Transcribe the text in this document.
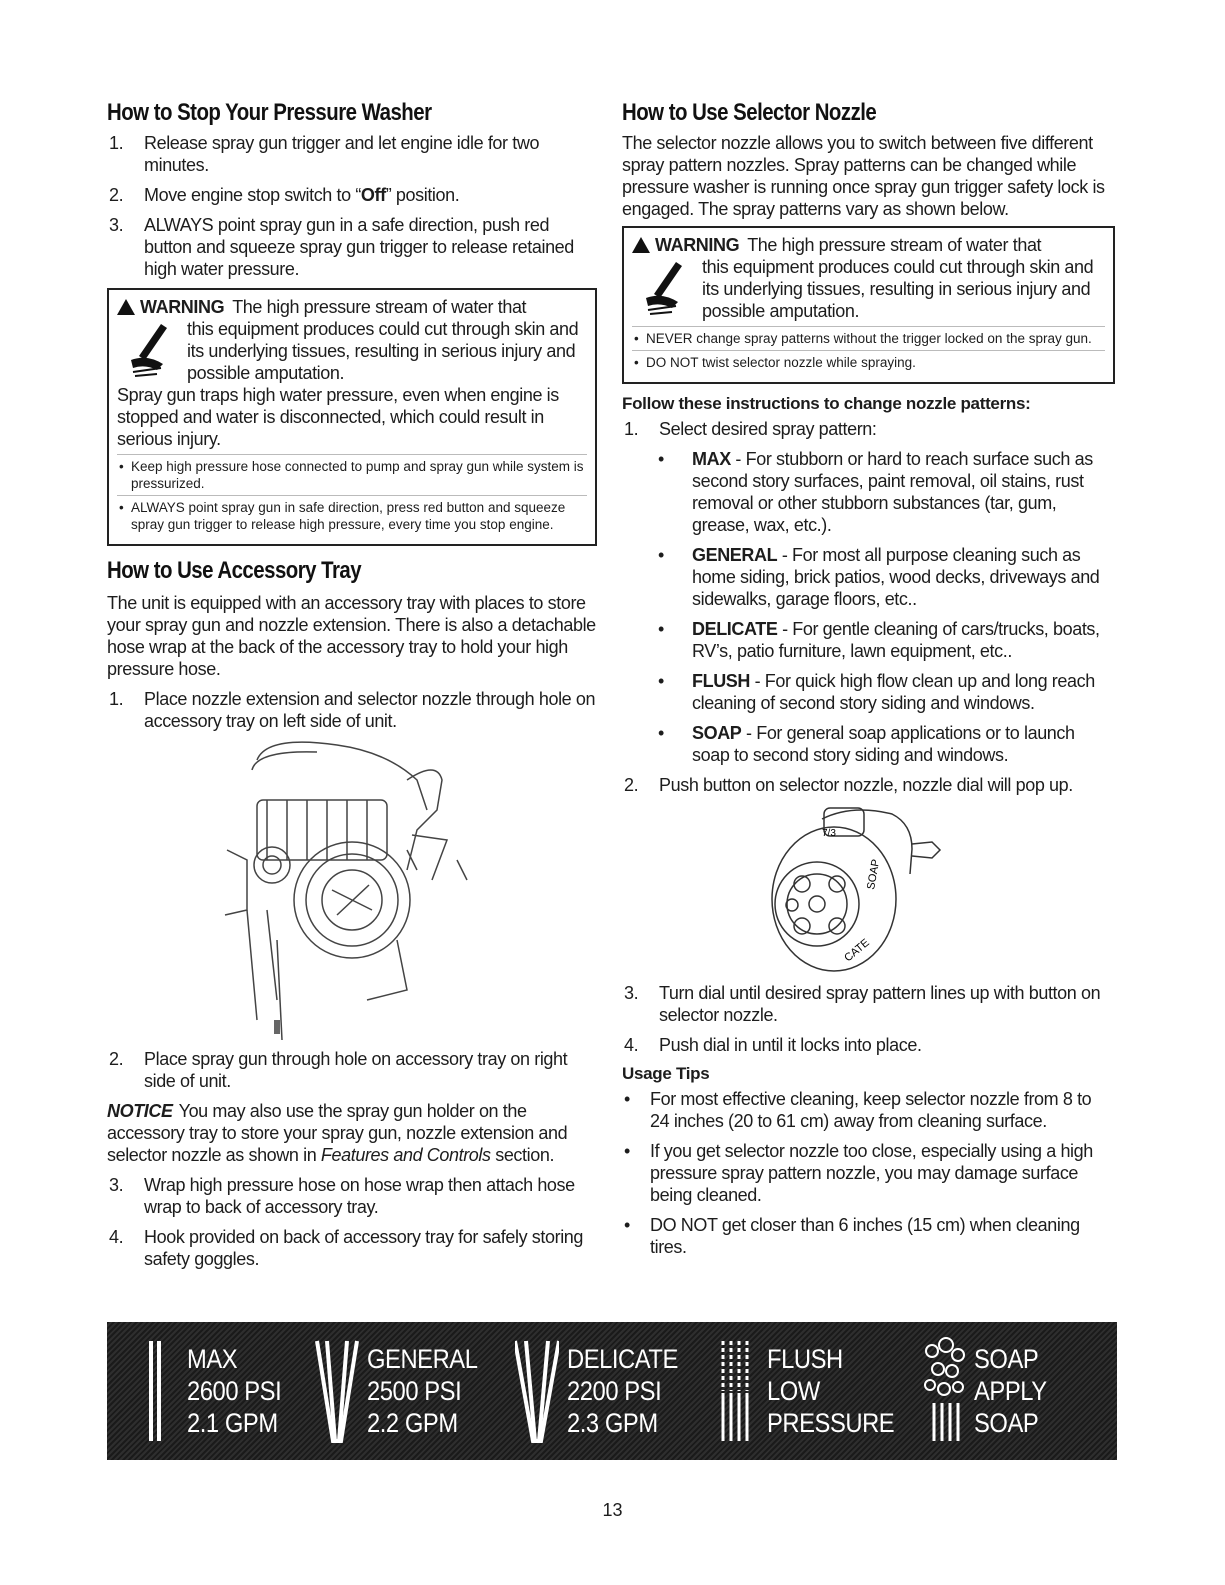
How to Stop Your Pressure Washer
1. Release spray gun trigger and let engine idle for two minutes.
2. Move engine stop switch to “Off” position.
3. ALWAYS point spray gun in a safe direction, push red button and squeeze spray gun trigger to release retained high water pressure.
WARNING The high pressure stream of water that
this equipment produces could cut through skin and its underlying tissues, resulting in serious injury and possible amputation.
Spray gun traps high water pressure, even when engine is stopped and water is disconnected, which could result in serious injury.
• Keep high pressure hose connected to pump and spray gun while system is pressurized.
• ALWAYS point spray gun in safe direction, press red button and squeeze spray gun trigger to release high pressure, every time you stop engine.
How to Use Accessory Tray

The unit is equipped with an accessory tray with places to store your spray gun and nozzle extension. There is also a detachable hose wrap at the back of the accessory tray to hold your high pressure hose.

1. Place nozzle extension and selector nozzle through hole on accessory tray on left side of unit.
2. Place spray gun through hole on accessory tray on right side of unit.

NOTICE You may also use the spray gun holder on the accessory tray to store your spray gun, nozzle extension and selector nozzle as shown in Features and Controls section.

3. Wrap high pressure hose on hose wrap then attach hose wrap to back of accessory tray.
4. Hook provided on back of accessory tray for safely storing safety goggles.
How to Use Selector Nozzle

The selector nozzle allows you to switch between five different spray pattern nozzles. Spray patterns can be changed while pressure washer is running once spray gun trigger safety lock is engaged. The spray patterns vary as shown below.

WARNING The high pressure stream of water that
this equipment produces could cut through skin and its underlying tissues, resulting in serious injury and possible amputation.
• NEVER change spray patterns without the trigger locked on the spray gun.
• DO NOT twist selector nozzle while spraying.
Follow these instructions to change nozzle patterns:
1. Select desired spray pattern:
• MAX - For stubborn or hard to reach surface such as second story surfaces, paint removal, oil stains, rust removal or other stubborn substances (tar, gum, grease, wax, etc.).
• GENERAL - For most all purpose cleaning such as home siding, brick patios, wood decks, driveways and sidewalks, garage floors, etc..
• DELICATE - For gentle cleaning of cars/trucks, boats, RV’s, patio furniture, lawn equipment, etc..
• FLUSH - For quick high flow clean up and long reach cleaning of second story siding and windows.
• SOAP - For general soap applications or to launch soap to second story siding and windows.
2. Push button on selector nozzle, nozzle dial will pop up.
SOAP
CATE
7/3
3. Turn dial until desired spray pattern lines up with button on selector nozzle.
4. Push dial in until it locks into place.
Usage Tips
• For most effective cleaning, keep selector nozzle from 8 to 24 inches (20 to 61 cm) away from cleaning surface.
• If you get selector nozzle too close, especially using a high pressure spray pattern nozzle, you may damage surface being cleaned.
• DO NOT get closer than 6 inches (15 cm) when cleaning tires.
MAX
2600 PSI
2.1 GPM
GENERAL
2500 PSI
2.2 GPM
DELICATE
2200 PSI
2.3 GPM
FLUSH
LOW
PRESSURE
SOAP
APPLY
SOAP
13
